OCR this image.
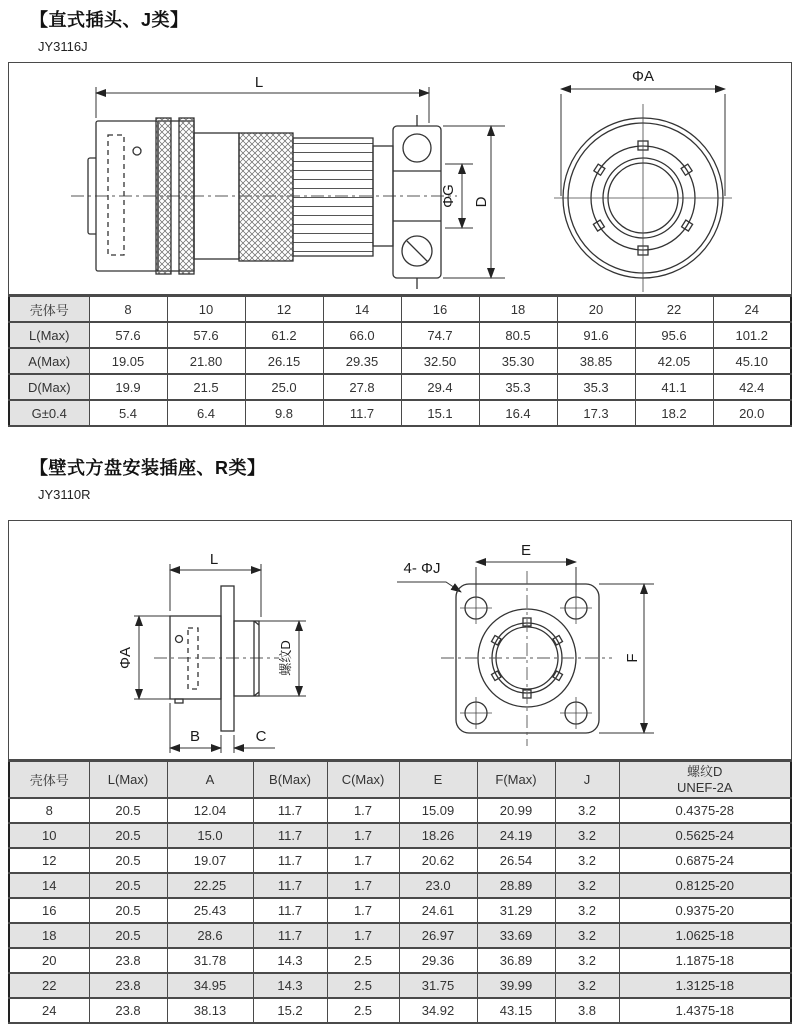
【直式插头、J类】
JY3116J
L
ΦG D
ΦA
壳体号	8	10	12	14	16	18	20	22	24
L(Max)	57.6	57.6	61.2	66.0	74.7	80.5	91.6	95.6	101.2
A(Max)	19.05	21.80	26.15	29.35	32.50	35.30	38.85	42.05	45.10
D(Max)	19.9	21.5	25.0	27.8	29.4	35.3	35.3	41.1	42.4
G±0.4	5.4	6.4	9.8	11.7	15.1	16.4	17.3	18.2	20.0
【壁式方盘安装插座、R类】
JY3110R
L
ΦA	螺纹D
B	C
E
4- ΦJ
F
壳体号	L(Max)	A	B(Max)	C(Max)	E	F(Max)	J	螺纹D
UNEF-2A

8	20.5	12.04	11.7	1.7	15.09	20.99	3.2	0.4375-28
10	20.5	15.0	11.7	1.7	18.26	24.19	3.2	0.5625-24
12	20.5	19.07	11.7	1.7	20.62	26.54	3.2	0.6875-24
14	20.5	22.25	11.7	1.7	23.0	28.89	3.2	0.8125-20
16	20.5	25.43	11.7	1.7	24.61	31.29	3.2	0.9375-20
18	20.5	28.6	11.7	1.7	26.97	33.69	3.2	1.0625-18
20	23.8	31.78	14.3	2.5	29.36	36.89	3.2	1.1875-18
22	23.8	34.95	14.3	2.5	31.75	39.99	3.2	1.3125-18
24	23.8	38.13	15.2	2.5	34.92	43.15	3.8	1.4375-18
